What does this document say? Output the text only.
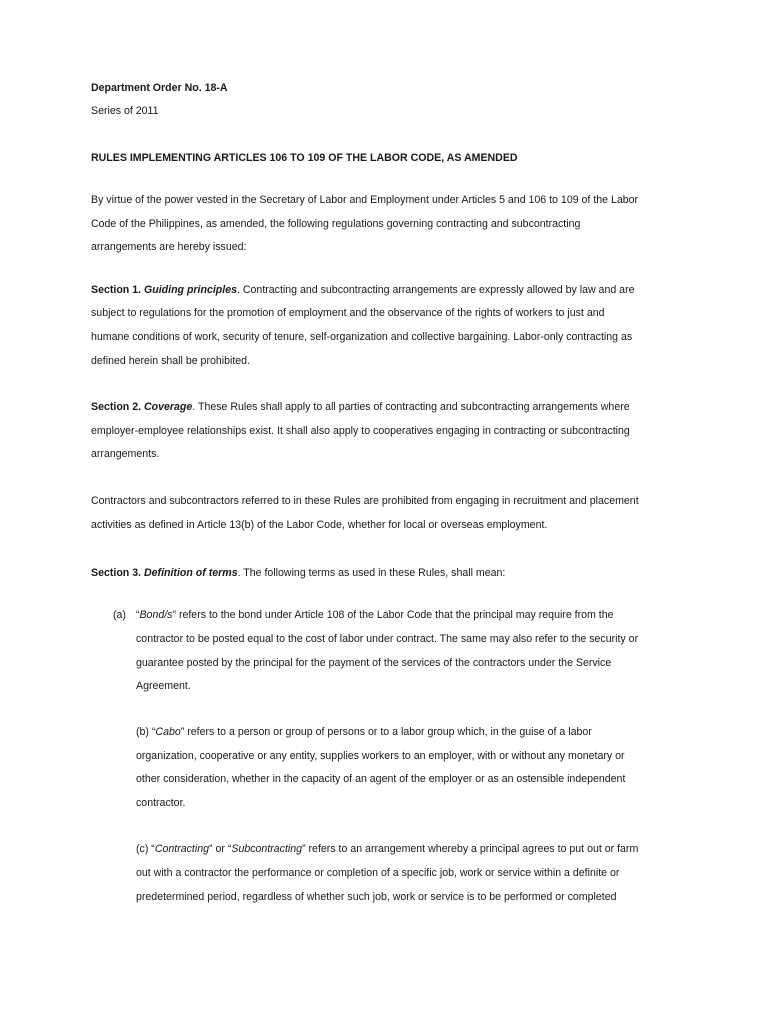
Department Order No. 18-A
Series of 2011
RULES IMPLEMENTING ARTICLES 106 TO 109 OF THE LABOR CODE, AS AMENDED
By virtue of the power vested in the Secretary of Labor and Employment under Articles 5 and 106 to 109 of the Labor
Code of the Philippines, as amended, the following regulations governing contracting and subcontracting
arrangements are hereby issued:
Section 1. Guiding principles. Contracting and subcontracting arrangements are expressly allowed by law and are
subject to regulations for the promotion of employment and the observance of the rights of workers to just and
humane conditions of work, security of tenure, self-organization and collective bargaining. Labor-only contracting as
defined herein shall be prohibited.
Section 2. Coverage. These Rules shall apply to all parties of contracting and subcontracting arrangements where
employer-employee relationships exist. It shall also apply to cooperatives engaging in contracting or subcontracting
arrangements.
Contractors and subcontractors referred to in these Rules are prohibited from engaging in recruitment and placement
activities as defined in Article 13(b) of the Labor Code, whether for local or overseas employment.
Section 3. Definition of terms. The following terms as used in these Rules, shall mean:
(a) “Bond/s” refers to the bond under Article 108 of the Labor Code that the principal may require from the
contractor to be posted equal to the cost of labor under contract. The same may also refer to the security or
guarantee posted by the principal for the payment of the services of the contractors under the Service
Agreement.
(b) “Cabo” refers to a person or group of persons or to a labor group which, in the guise of a labor
organization, cooperative or any entity, supplies workers to an employer, with or without any monetary or
other consideration, whether in the capacity of an agent of the employer or as an ostensible independent
contractor.
(c) “Contracting” or “Subcontracting” refers to an arrangement whereby a principal agrees to put out or farm
out with a contractor the performance or completion of a specific job, work or service within a definite or
predetermined period, regardless of whether such job, work or service is to be performed or completed
